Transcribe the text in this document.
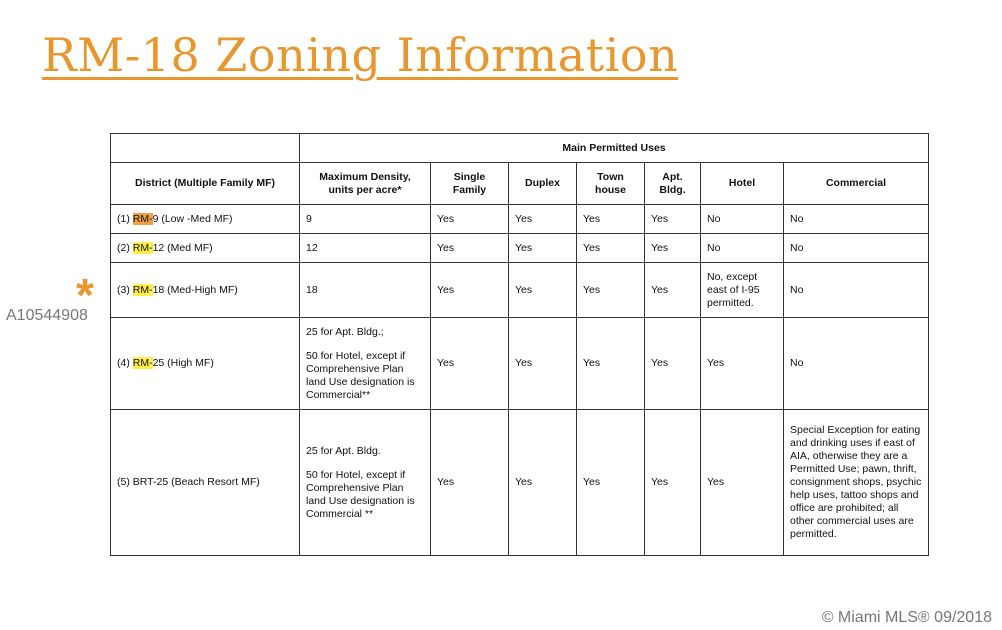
RM-18 Zoning Information
*
A10544908
	Main Permitted Uses						
District (Multiple Family MF)	Maximum Density, units per acre*	Single Family	Duplex	Town house	Apt. Bldg.	Hotel	Commercial
(1) RM-9 (Low -Med MF)	9	Yes	Yes	Yes	Yes	No	No
(2) RM-12 (Med MF)	12	Yes	Yes	Yes	Yes	No	No
(3) RM-18 (Med-High MF)	18	Yes	Yes	Yes	Yes	No, except east of I-95 permitted.	No
(4) RM-25 (High MF)	25 for Apt. Bldg.;
50 for Hotel, except if Comprehensive Plan land Use designation is Commercial**	Yes	Yes	Yes	Yes	Yes	No
(5) BRT-25 (Beach Resort MF)	25 for Apt. Bldg.
50 for Hotel, except if Comprehensive Plan land Use designation is Commercial **	Yes	Yes	Yes	Yes	Yes	Special Exception for eating and drinking uses if east of AIA, otherwise they are a Permitted Use; pawn, thrift, consignment shops, psychic help uses, tattoo shops and office are prohibited; all other commercial uses are permitted.
© Miami MLS® 09/2018
